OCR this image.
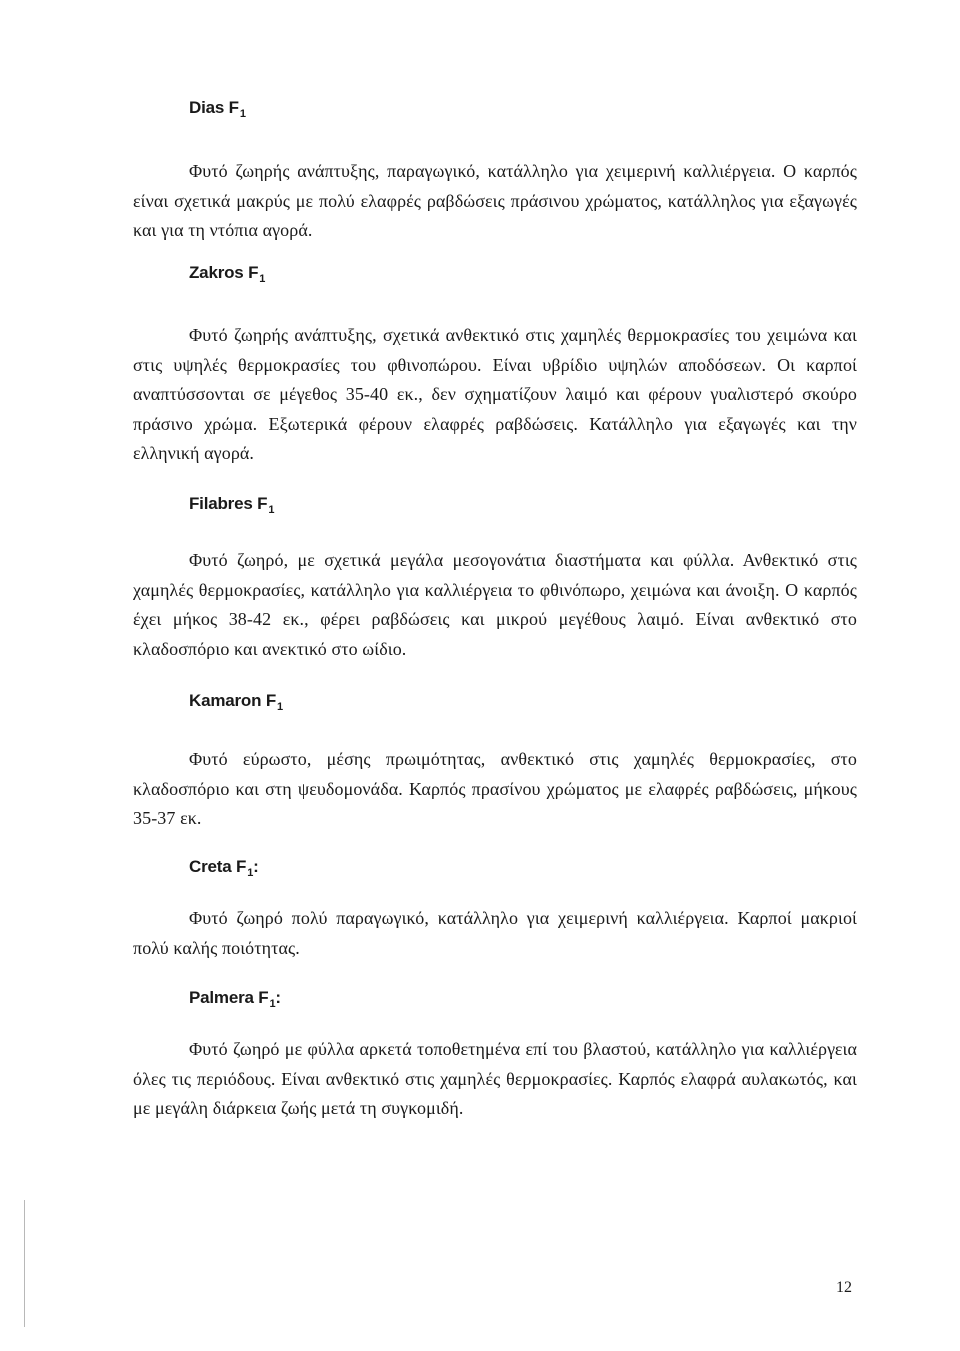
Dias $F_1$

Φυτό ζωηρής ανάπτυξης, παραγωγικό, κατάλληλο για χειμερινή καλλιέργεια. Ο καρπός είναι σχετικά μακρύς με πολύ ελαφρές ραβδώσεις πράσινου χρώματος, κατάλληλος για εξαγωγές και για τη ντόπια αγορά.

Zakros $F_1$

Φυτό ζωηρής ανάπτυξης, σχετικά ανθεκτικό στις χαμηλές θερμοκρασίες του χειμώνα και στις υψηλές θερμοκρασίες του φθινοπώρου. Είναι υβρίδιο υψηλών αποδόσεων. Οι καρποί αναπτύσσονται σε μέγεθος 35-40 εκ., δεν σχηματίζουν λαιμό και φέρουν γυαλιστερό σκούρο πράσινο χρώμα. Εξωτερικά φέρουν ελαφρές ραβδώσεις. Κατάλληλο για εξαγωγές και την ελληνική αγορά.

Filabres $F_1$

Φυτό ζωηρό, με σχετικά μεγάλα μεσογονάτια διαστήματα και φύλλα. Ανθεκτικό στις χαμηλές θερμοκρασίες, κατάλληλο για καλλιέργεια το φθινόπωρο, χειμώνα και άνοιξη. Ο καρπός έχει μήκος 38-42 εκ., φέρει ραβδώσεις και μικρού μεγέθους λαιμό. Είναι ανθεκτικό στο κλαδοσπόριο και ανεκτικό στο ωίδιο.

Kamaron $F_1$

Φυτό εύρωστο, μέσης πρωιμότητας, ανθεκτικό στις χαμηλές θερμοκρασίες, στο κλαδοσπόριο και στη ψευδομονάδα. Καρπός πρασίνου χρώματος με ελαφρές ραβδώσεις, μήκους 35-37 εκ.

Creta $F_1$:

Φυτό ζωηρό πολύ παραγωγικό, κατάλληλο για χειμερινή καλλιέργεια. Καρποί μακριοί πολύ καλής ποιότητας.

Palmera $F_1$:

Φυτό ζωηρό με φύλλα αρκετά τοποθετημένα επί του βλαστού, κατάλληλο για καλλιέργεια όλες τις περιόδους. Είναι ανθεκτικό στις χαμηλές θερμοκρασίες. Καρπός ελαφρά αυλακωτός, και με μεγάλη διάρκεια ζωής μετά τη συγκομιδή.

12
